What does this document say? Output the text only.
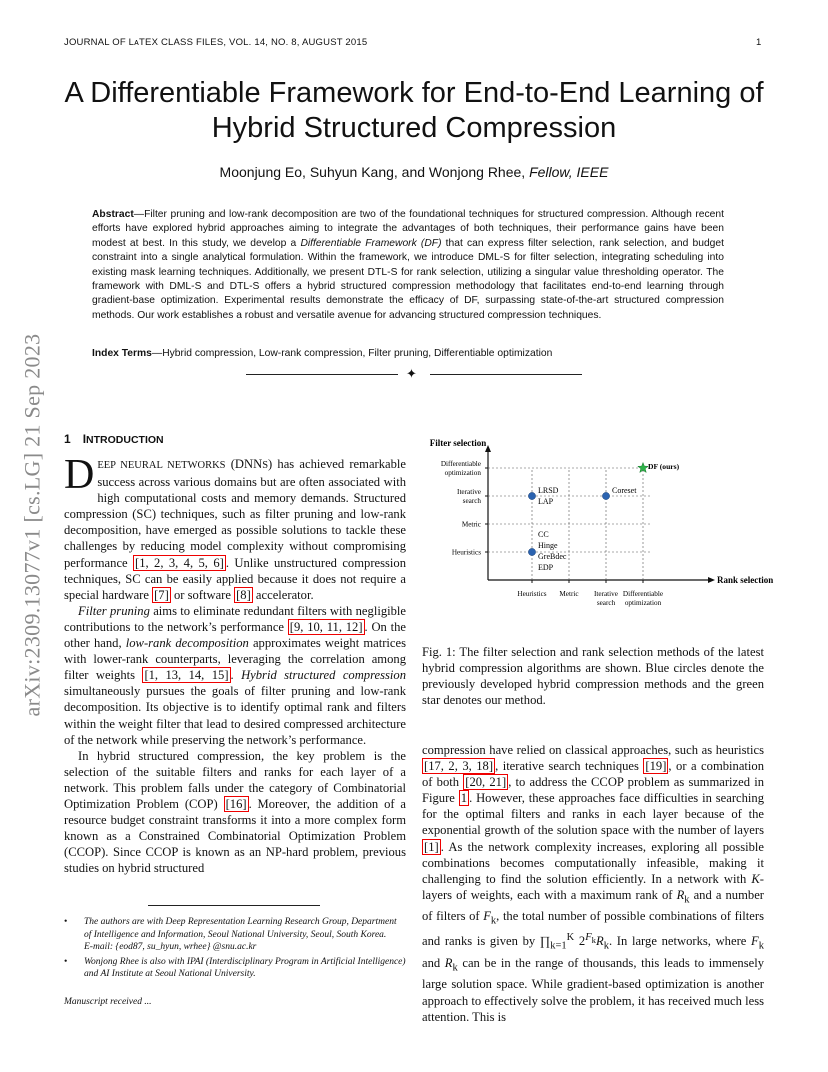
JOURNAL OF LᴀTEX CLASS FILES, VOL. 14, NO. 8, AUGUST 2015	1
arXiv:2309.13077v1 [cs.LG] 21 Sep 2023
A Differentiable Framework for End-to-End Learning of Hybrid Structured Compression
Moonjung Eo, Suhyun Kang, and Wonjong Rhee, Fellow, IEEE
Abstract—Filter pruning and low-rank decomposition are two of the foundational techniques for structured compression. Although recent efforts have explored hybrid approaches aiming to integrate the advantages of both techniques, their performance gains have been modest at best. In this study, we develop a Differentiable Framework (DF) that can express filter selection, rank selection, and budget constraint into a single analytical formulation. Within the framework, we introduce DML-S for filter selection, integrating scheduling into existing mask learning techniques. Additionally, we present DTL-S for rank selection, utilizing a singular value thresholding operator. The framework with DML-S and DTL-S offers a hybrid structured compression methodology that facilitates end-to-end learning through gradient-base optimization. Experimental results demonstrate the efficacy of DF, surpassing state-of-the-art structured compression methods. Our work establishes a robust and versatile avenue for advancing structured compression techniques.
Index Terms—Hybrid compression, Low-rank compression, Filter pruning, Differentiable optimization
✦
1 INTRODUCTION

DEEP NEURAL NETWORKS (DNNS) has achieved remarkable success across various domains but are often associated with high computational costs and memory demands. Structured compression (SC) techniques, such as filter pruning and low-rank decomposition, have emerged as possible solutions to tackle these challenges by reducing model complexity without compromising performance [1, 2, 3, 4, 5, 6] . Unlike unstructured compression techniques, SC can be easily applied because it does not require a special hardware [7] or software [8] accelerator.

Filter pruning aims to eliminate redundant filters with negligible contributions to the network’s performance [9, 10, 11, 12] . On the other hand, low-rank decomposition approximates weight matrices with lower-rank counterparts, leveraging the correlation among filter weights [1, 13, 14, 15] . Hybrid structured compression simultaneously pursues the goals of filter pruning and low-rank decomposition. Its objective is to identify optimal rank and filters within the weight filter that lead to desired compressed architecture of the network while preserving the network’s performance.

In hybrid structured compression, the key problem is the selection of the suitable filters and ranks for each layer of a network. This problem falls under the category of Combinatorial Optimization Problem (COP) [16] . Moreover, the addition of a resource budget constraint transforms it into a more complex form known as a Constrained Combinatorial Optimization Problem (CCOP). Since CCOP is known as an NP-hard problem, previous studies on hybrid structured

• The authors are with Deep Representation Learning Research Group, Department of Intelligence and Information, Seoul National University, Seoul, South Korea.
E-mail: {eod87, su_hyun, wrhee} @snu.ac.kr
• Wonjong Rhee is also with IPAI (Interdisciplinary Program in Artificial Intelligence) and AI Institute at Seoul National University.
Manuscript received ...
Filter selection
Rank selection
Differentiable
optimization
Iterative
search
Metric
Heuristics
Heuristics Metric Iterative
search
Differentiable
optimization
LRSD
LAP
Coreset
CC
Hinge
GreBdec
EDP
DF (ours)
Fig. 1: The filter selection and rank selection methods of the latest hybrid compression algorithms are shown. Blue circles denote the previously developed hybrid compression methods and the green star denotes our method.

compression have relied on classical approaches, such as heuristics [17, 2, 3, 18] , iterative search techniques [19] , or a combination of both [20, 21] , to address the CCOP problem as summarized in Figure 1 . However, these approaches face difficulties in searching for the optimal filters and ranks in each layer because of the exponential growth of the solution space with the number of layers [1] . As the network complexity increases, exploring all possible combinations becomes computationally infeasible, making it challenging to find the solution efficiently. In a network with K-layers of weights, each with a maximum rank of $R_k$ and a number of filters of $F_k$, the total number of possible combinations of filters and ranks is given by $\prod_{k=1}^K$ $2^{F_k}R_k$. In large networks, where $F_k$ and $R_k$ can be in the range of thousands, this leads to immensely large solution space. While gradient-based optimization is another approach to effectively solve the problem, it has received much less attention. This is
